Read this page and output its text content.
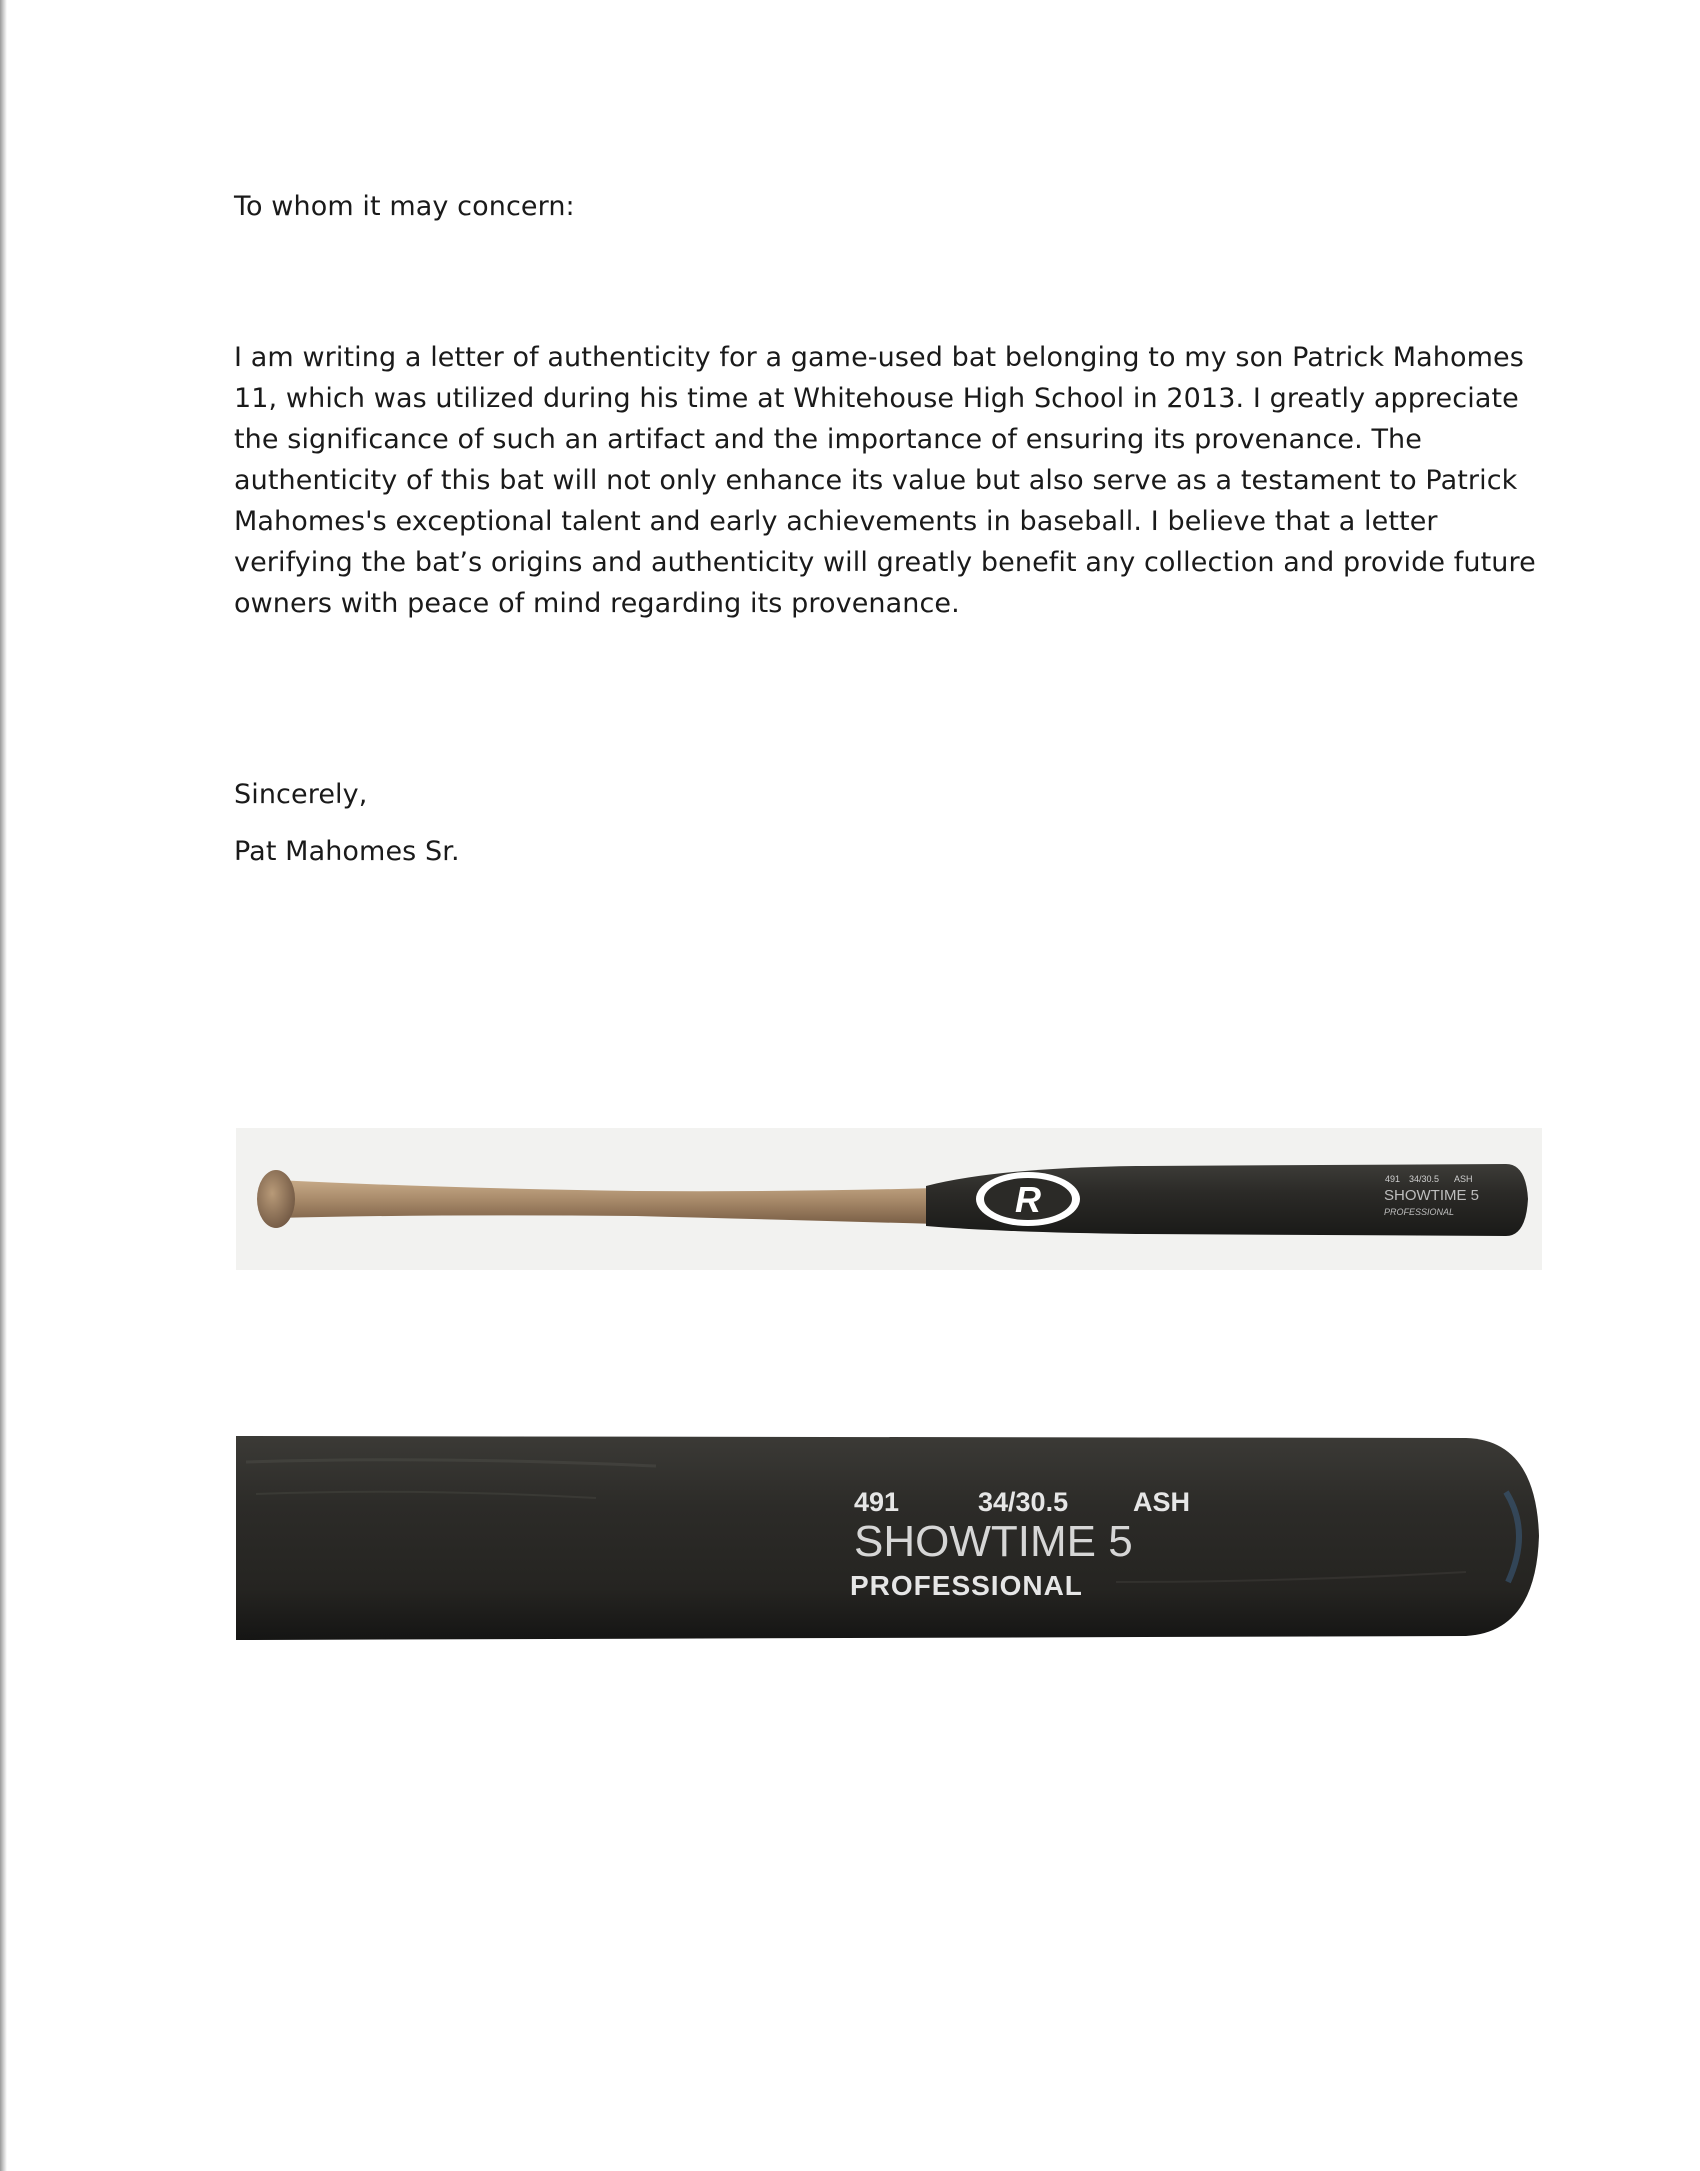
To whom it may concern:

I am writing a letter of authenticity for a game-used bat belonging to my son Patrick Mahomes 11, which was utilized during his time at Whitehouse High School in 2013. I greatly appreciate the significance of such an artifact and the importance of ensuring its provenance. The authenticity of this bat will not only enhance its value but also serve as a testament to Patrick Mahomes's exceptional talent and early achievements in baseball. I believe that a letter verifying the bat’s origins and authenticity will greatly benefit any collection and provide future owners with peace of mind regarding its provenance.

Sincerely,

Pat Mahomes Sr.

R	491 34/30.5 ASH
SHOWTIME 5
PROFESSIONAL
491	34/30.5 ASH
SHOWTIME 5
PROFESSIONAL
